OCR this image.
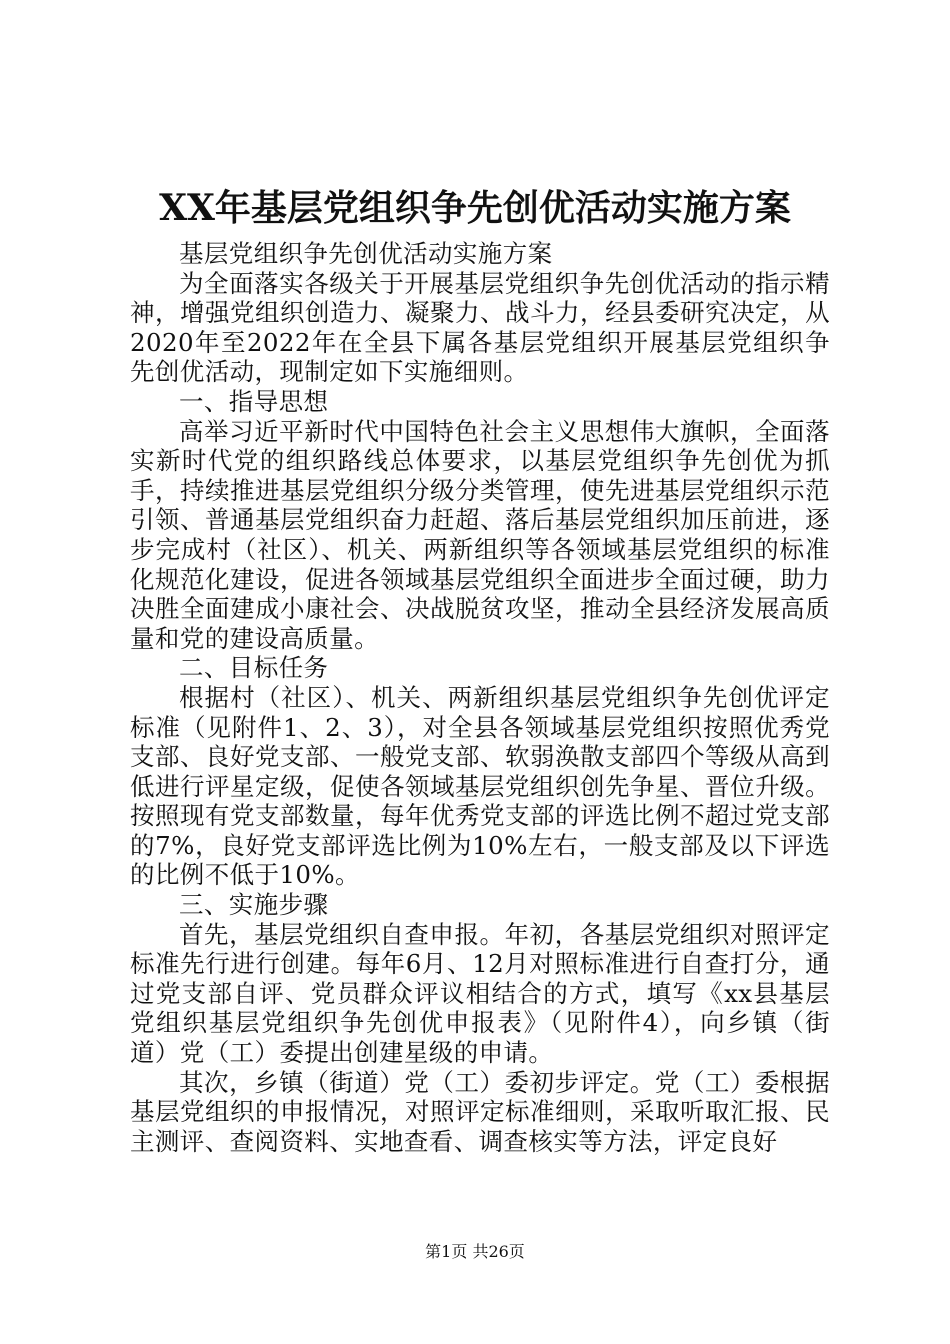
XX年基层党组织争先创优活动实施方案

基层党组织争先创优活动实施方案

为全面落实各级关于开展基层党组织争先创优活动的指示精神，增强党组织创造力、凝聚力、战斗力，经县委研究决定，从2020年至2022年在全县下属各基层党组织开展基层党组织争先创优活动，现制定如下实施细则。

一、指导思想

高举习近平新时代中国特色社会主义思想伟大旗帜，全面落实新时代党的组织路线总体要求，以基层党组织争先创优为抓手，持续推进基层党组织分级分类管理，使先进基层党组织示范引领、普通基层党组织奋力赶超、落后基层党组织加压前进，逐步完成村（社区）、机关、两新组织等各领域基层党组织的标准化规范化建设，促进各领域基层党组织全面进步全面过硬，助力决胜全面建成小康社会、决战脱贫攻坚，推动全县经济发展高质量和党的建设高质量。

二、目标任务

根据村（社区）、机关、两新组织基层党组织争先创优评定标准（见附件1、2、3），对全县各领域基层党组织按照优秀党支部、良好党支部、一般党支部、软弱涣散支部四个等级从高到低进行评星定级，促使各领域基层党组织创先争星、晋位升级。按照现有党支部数量，每年优秀党支部的评选比例不超过党支部的7%，良好党支部评选比例为10%左右，一般支部及以下评选的比例不低于10%。

三、实施步骤

首先，基层党组织自查申报。年初，各基层党组织对照评定标准先行进行创建。每年6月、12月对照标准进行自查打分，通过党支部自评、党员群众评议相结合的方式，填写《xx县基层党组织基层党组织争先创优申报表》（见附件4），向乡镇（街道）党（工）委提出创建星级的申请。

其次，乡镇（街道）党（工）委初步评定。党（工）委根据基层党组织的申报情况，对照评定标准细则，采取听取汇报、民主测评、查阅资料、实地查看、调查核实等方法，评定良好

第1页 共26页
